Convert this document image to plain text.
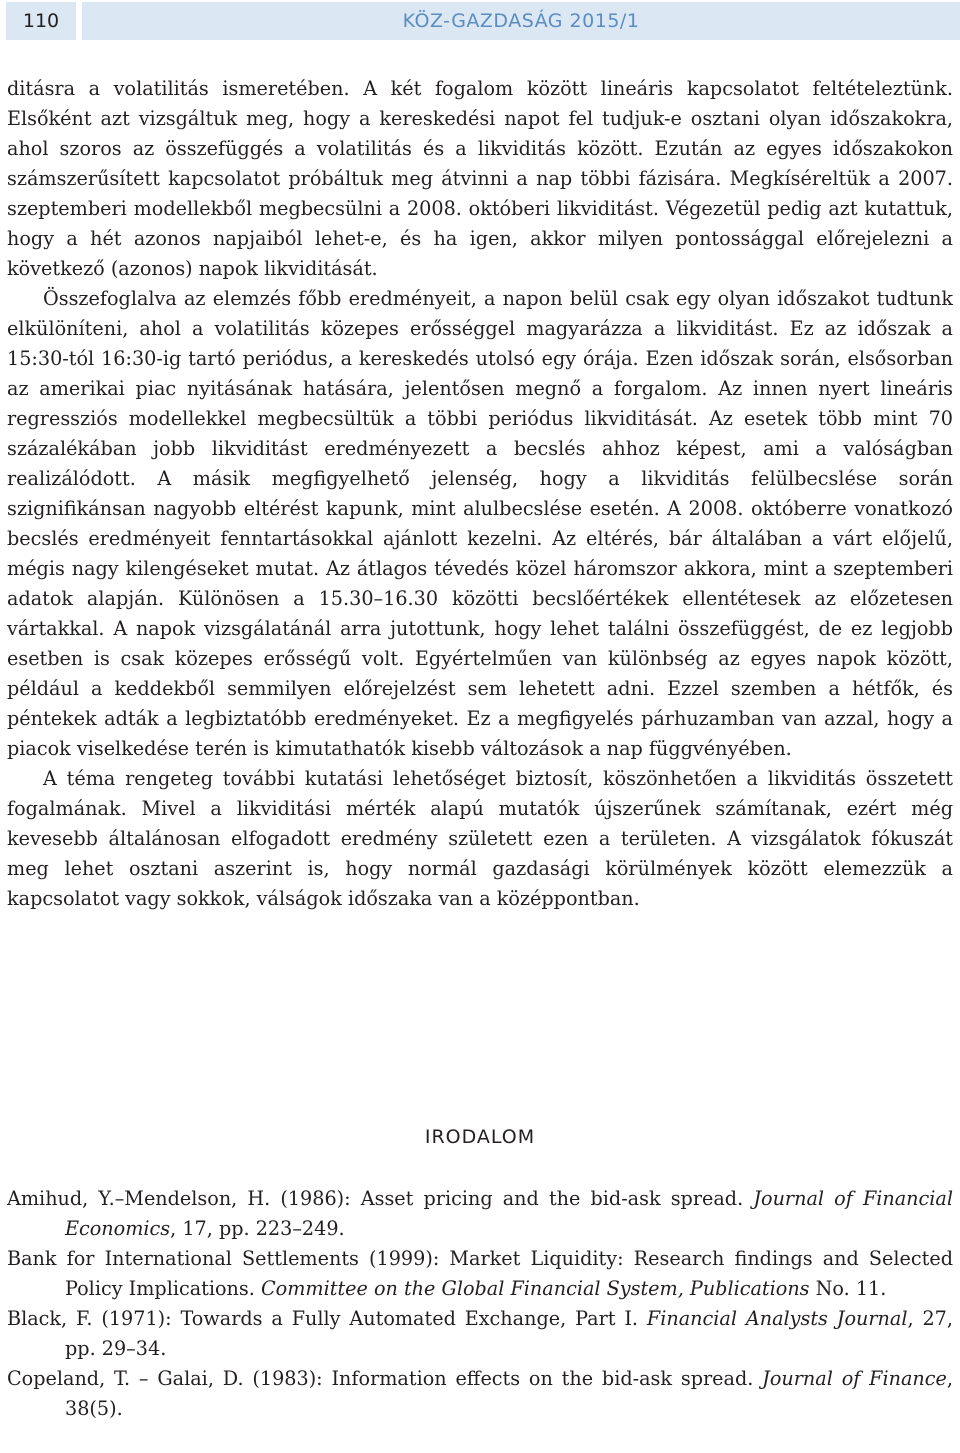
110	KÖZ-GAZDASÁG 2015/1

ditásra a volatilitás ismeretében. A két fogalom között lineáris kapcsolatot feltételeztünk. Elsőként azt vizsgáltuk meg, hogy a kereskedési napot fel tudjuk-e osztani olyan időszakokra, ahol szoros az összefüggés a volatilitás és a likviditás között. Ezután az egyes időszakokon számszerűsített kapcsolatot próbáltuk meg átvinni a nap többi fázisára. Megkíséreltük a 2007. szeptemberi modellekből megbecsülni a 2008. októberi likviditást. Végezetül pedig azt kutattuk, hogy a hét azonos napjaiból lehet-e, és ha igen, akkor milyen pontossággal előrejelezni a következő (azonos) napok likviditását.

Összefoglalva az elemzés főbb eredményeit, a napon belül csak egy olyan időszakot tudtunk elkülöníteni, ahol a volatilitás közepes erősséggel magyarázza a likviditást. Ez az időszak a 15:30-tól 16:30-ig tartó periódus, a kereskedés utolsó egy órája. Ezen időszak során, elsősorban az amerikai piac nyitásának hatására, jelentősen megnő a forgalom. Az innen nyert lineáris regressziós modellekkel megbecsültük a többi periódus likviditását. Az esetek több mint 70 százalékában jobb likviditást eredményezett a becslés ahhoz képest, ami a valóságban realizálódott. A másik megfigyelhető jelenség, hogy a likviditás felülbecslése során szignifikánsan nagyobb eltérést kapunk, mint alulbecslése esetén. A 2008. októberre vonatkozó becslés eredményeit fenntartásokkal ajánlott kezelni. Az eltérés, bár általában a várt előjelű, mégis nagy kilengéseket mutat. Az átlagos tévedés közel háromszor akkora, mint a szeptemberi adatok alapján. Különösen a 15.30–16.30 közötti becslőértékek ellentétesek az előzetesen vártakkal. A napok vizsgálatánál arra jutottunk, hogy lehet találni összefüggést, de ez legjobb esetben is csak közepes erősségű volt. Egyértelműen van különbség az egyes napok között, például a keddekből semmilyen előrejelzést sem lehetett adni. Ezzel szemben a hétfők, és péntekek adták a legbiztatóbb eredményeket. Ez a megfigyelés párhuzamban van azzal, hogy a piacok viselkedése terén is kimutathatók kisebb változások a nap függvényében.

A téma rengeteg további kutatási lehetőséget biztosít, köszönhetően a likviditás összetett fogalmának. Mivel a likviditási mérték alapú mutatók újszerűnek számítanak, ezért még kevesebb általánosan elfogadott eredmény született ezen a területen. A vizsgálatok fókuszát meg lehet osztani aszerint is, hogy normál gazdasági körülmények között elemezzük a kapcsolatot vagy sokkok, válságok időszaka van a középpontban.

IRODALOM

Amihud, Y.–Mendelson, H. (1986): Asset pricing and the bid-ask spread. Journal of Financial Economics, 17, pp. 223–249.

Bank for International Settlements (1999): Market Liquidity: Research findings and Selected Policy Implications. Committee on the Global Financial System, Publications No. 11.

Black, F. (1971): Towards a Fully Automated Exchange, Part I. Financial Analysts Journal, 27, pp. 29–34.

Copeland, T. – Galai, D. (1983): Information effects on the bid-ask spread. Journal of Finance, 38(5).
